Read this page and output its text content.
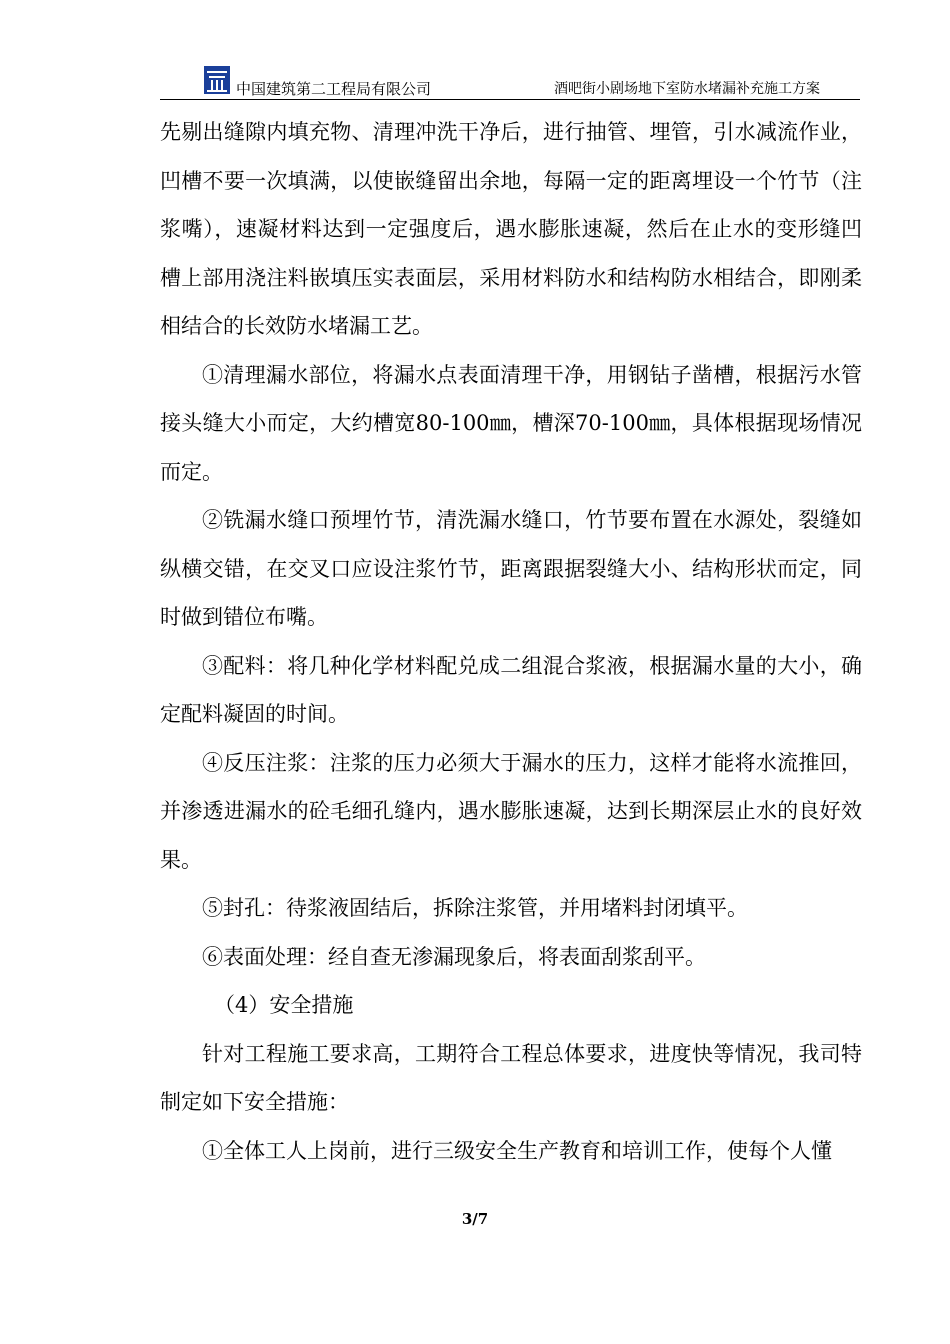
中国建筑第二工程局有限公司	酒吧街小剧场地下室防水堵漏补充施工方案

先剔出缝隙内填充物、清理冲洗干净后，进行抽管、埋管，引水减流作业，凹槽不要一次填满，以使嵌缝留出余地，每隔一定的距离埋设一个竹节（注浆嘴），速凝材料达到一定强度后，遇水膨胀速凝，然后在止水的变形缝凹槽上部用浇注料嵌填压实表面层，采用材料防水和结构防水相结合，即刚柔相结合的长效防水堵漏工艺。

①清理漏水部位，将漏水点表面清理干净，用钢钻子凿槽，根据污水管接头缝大小而定，大约槽宽80-100㎜，槽深70-100㎜，具体根据现场情况而定。

②铣漏水缝口预埋竹节，清洗漏水缝口，竹节要布置在水源处，裂缝如纵横交错，在交叉口应设注浆竹节，距离跟据裂缝大小、结构形状而定，同时做到错位布嘴。

③配料：将几种化学材料配兑成二组混合浆液，根据漏水量的大小，确定配料凝固的时间。

④反压注浆：注浆的压力必须大于漏水的压力，这样才能将水流推回，并渗透进漏水的砼毛细孔缝内，遇水膨胀速凝，达到长期深层止水的良好效果。

⑤封孔：待浆液固结后，拆除注浆管，并用堵料封闭填平。

⑥表面处理：经自查无渗漏现象后，将表面刮浆刮平。

（4）安全措施

针对工程施工要求高，工期符合工程总体要求，进度快等情况，我司特制定如下安全措施：

①全体工人上岗前，进行三级安全生产教育和培训工作，使每个人懂

3/7
